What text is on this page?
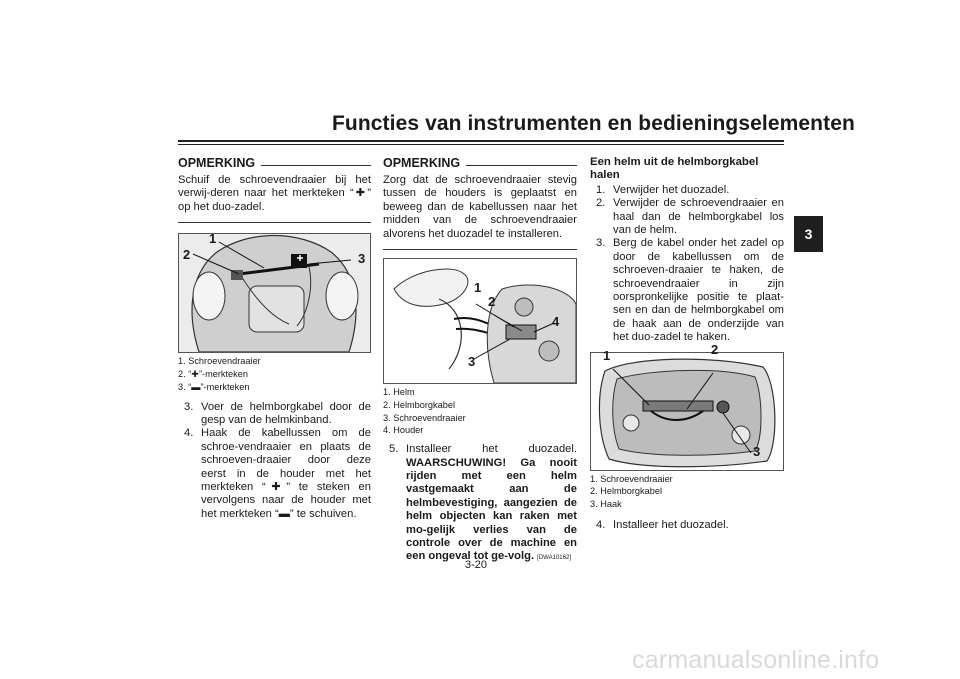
Functies van instrumenten en bedieningselementen
3
OPMERKING

Schuif de schroevendraaier bij het verwij-deren naar het merkteken “✚” op het duo-zadel.

1
2	3
1. Schroevendraaier
2. “✚”-merkteken
3. “▬”-merkteken
3. Voer de helmborgkabel door de gesp van de helmkinband.
4. Haak de kabellussen om de schroe-vendraaier en plaats de schroeven-draaier door deze eerst in de houder met het merkteken “✚” te steken en vervolgens naar de houder met het merkteken “▬” te schuiven.
OPMERKING

Zorg dat de schroevendraaier stevig tussen de houders is geplaatst en beweeg dan de kabellussen naar het midden van de schroevendraaier alvorens het duozadel te installeren.

1
2
3
4
1. Helm
2. Helmborgkabel
3. Schroevendraaier
4. Houder
5. Installeer het duozadel. WAARSCHUWING! Ga nooit rijden met een helm vastgemaakt aan de helmbevestiging, aangezien de helm objecten kan raken met mo-gelijk verlies van de controle over de machine en een ongeval tot ge-volg. [DWA10162]
Een helm uit de helmborgkabel halen
1. Verwijder het duozadel.
2. Verwijder de schroevendraaier en haal dan de helmborgkabel los van de helm.
3. Berg de kabel onder het zadel op door de kabellussen om de schroeven-draaier te haken, de schroevendraaier in zijn oorspronkelijke positie te plaat-sen en dan de helmborgkabel om de haak aan de onderzijde van het duo-zadel te haken.
1	2
3
1. Schroevendraaier
2. Helmborgkabel
3. Haak
4. Installeer het duozadel.
3-20
carmanualsonline.info
